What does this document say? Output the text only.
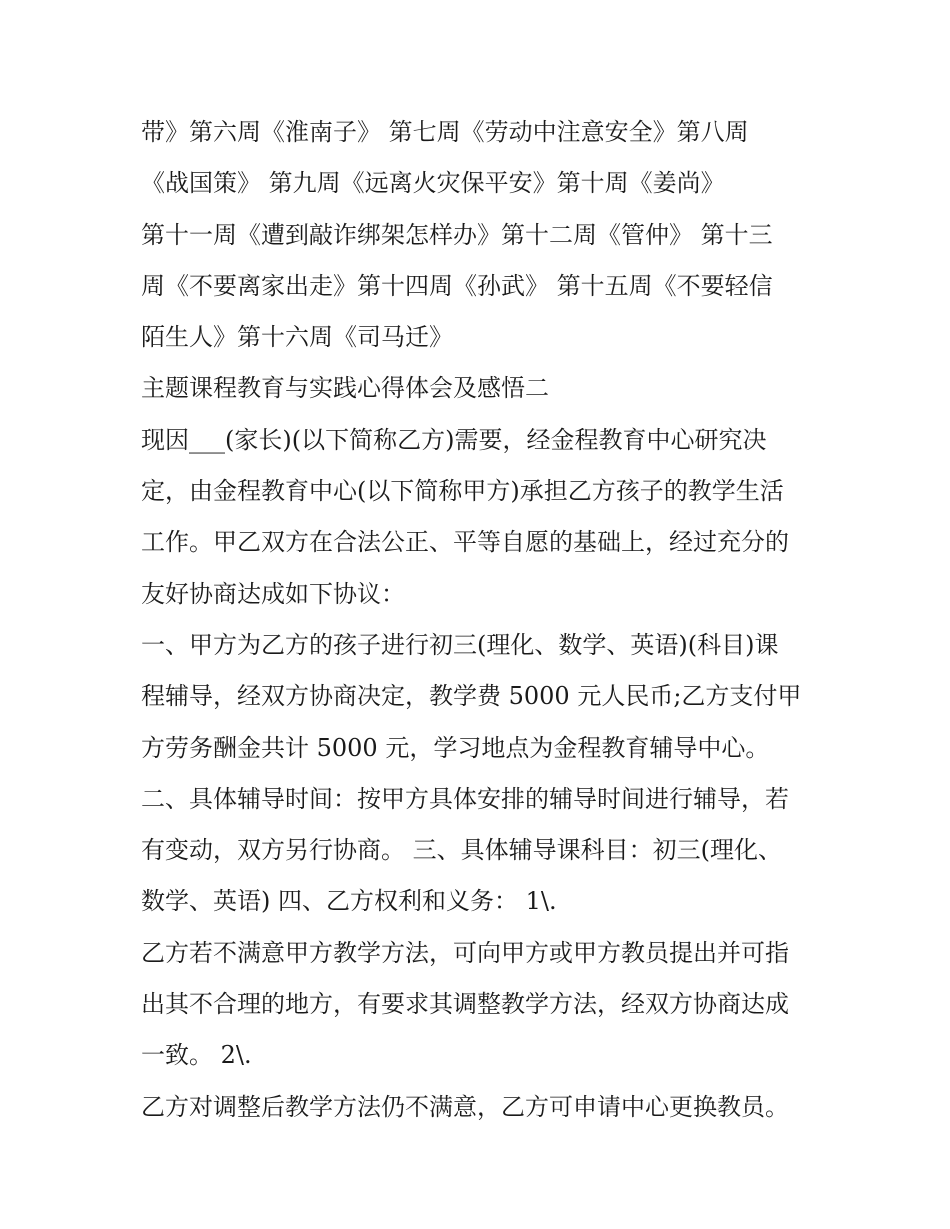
带》第六周《淮南子》 第七周《劳动中注意安全》第八周
《战国策》 第九周《远离火灾保平安》第十周《姜尚》
第十一周《遭到敲诈绑架怎样办》第十二周《管仲》 第十三
周《不要离家出走》第十四周《孙武》 第十五周《不要轻信
陌生人》第十六周《司马迁》
主题课程教育与实践心得体会及感悟二
现因___(家长)(以下简称乙方)需要，经金程教育中心研究决
定，由金程教育中心(以下简称甲方)承担乙方孩子的教学生活
工作。甲乙双方在合法公正、平等自愿的基础上，经过充分的
友好协商达成如下协议：
一、甲方为乙方的孩子进行初三(理化、数学、英语)(科目)课
程辅导，经双方协商决定，教学费 5000 元人民币;乙方支付甲
方劳务酬金共计 5000 元，学习地点为金程教育辅导中心。
二、具体辅导时间：按甲方具体安排的辅导时间进行辅导，若
有变动，双方另行协商。 三、具体辅导课科目：初三(理化、
数学、英语) 四、乙方权利和义务： 1\.
乙方若不满意甲方教学方法，可向甲方或甲方教员提出并可指
出其不合理的地方，有要求其调整教学方法，经双方协商达成
一致。 2\.
乙方对调整后教学方法仍不满意，乙方可申请中心更换教员。
